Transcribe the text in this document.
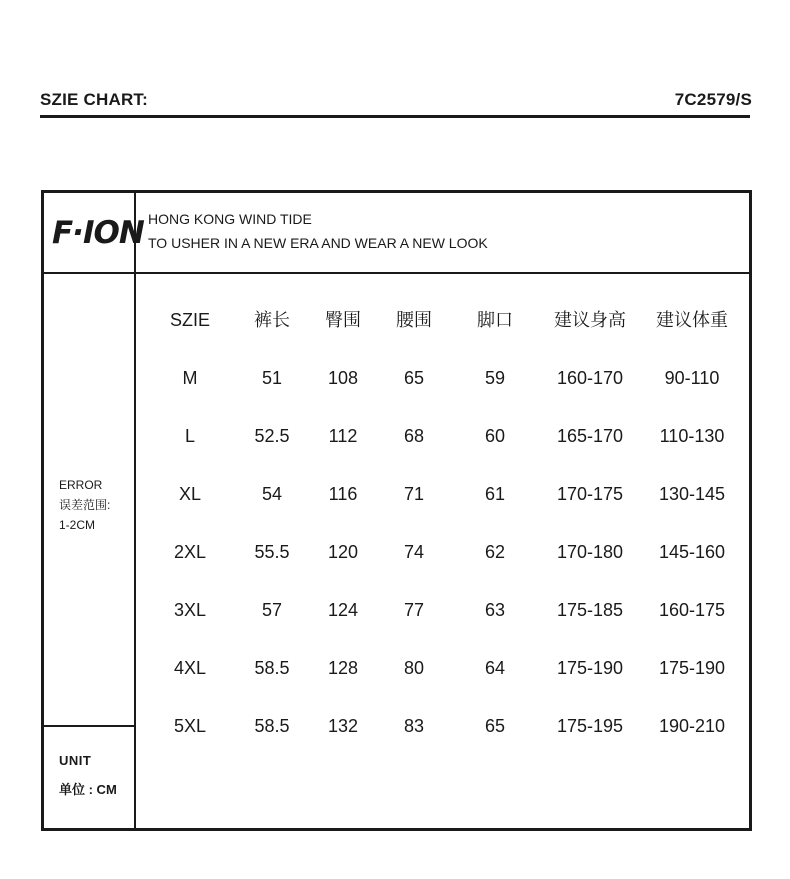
SZIE CHART:	7C2579/S
F·ION HONG KONG WIND TIDE
TO USHER IN A NEW ERA AND WEAR A NEW LOOK
ERROR
误差范围:
1-2CM
UNIT
单位 : CM
SZIE 裤长 臀围 腰围	脚口 建议身高 建议体重
M	51	108	65	59	160-170 90-110
L	52.5 112	68	60	165-170 110-130
XL	54	116	71	61	170-175 130-145
2XL	55.5 120	74	62	170-180 145-160
3XL	57	124	77	63	175-185 160-175
4XL	58.5 128	80	64	175-190 175-190
5XL	58.5 132	83	65	175-195 190-210
